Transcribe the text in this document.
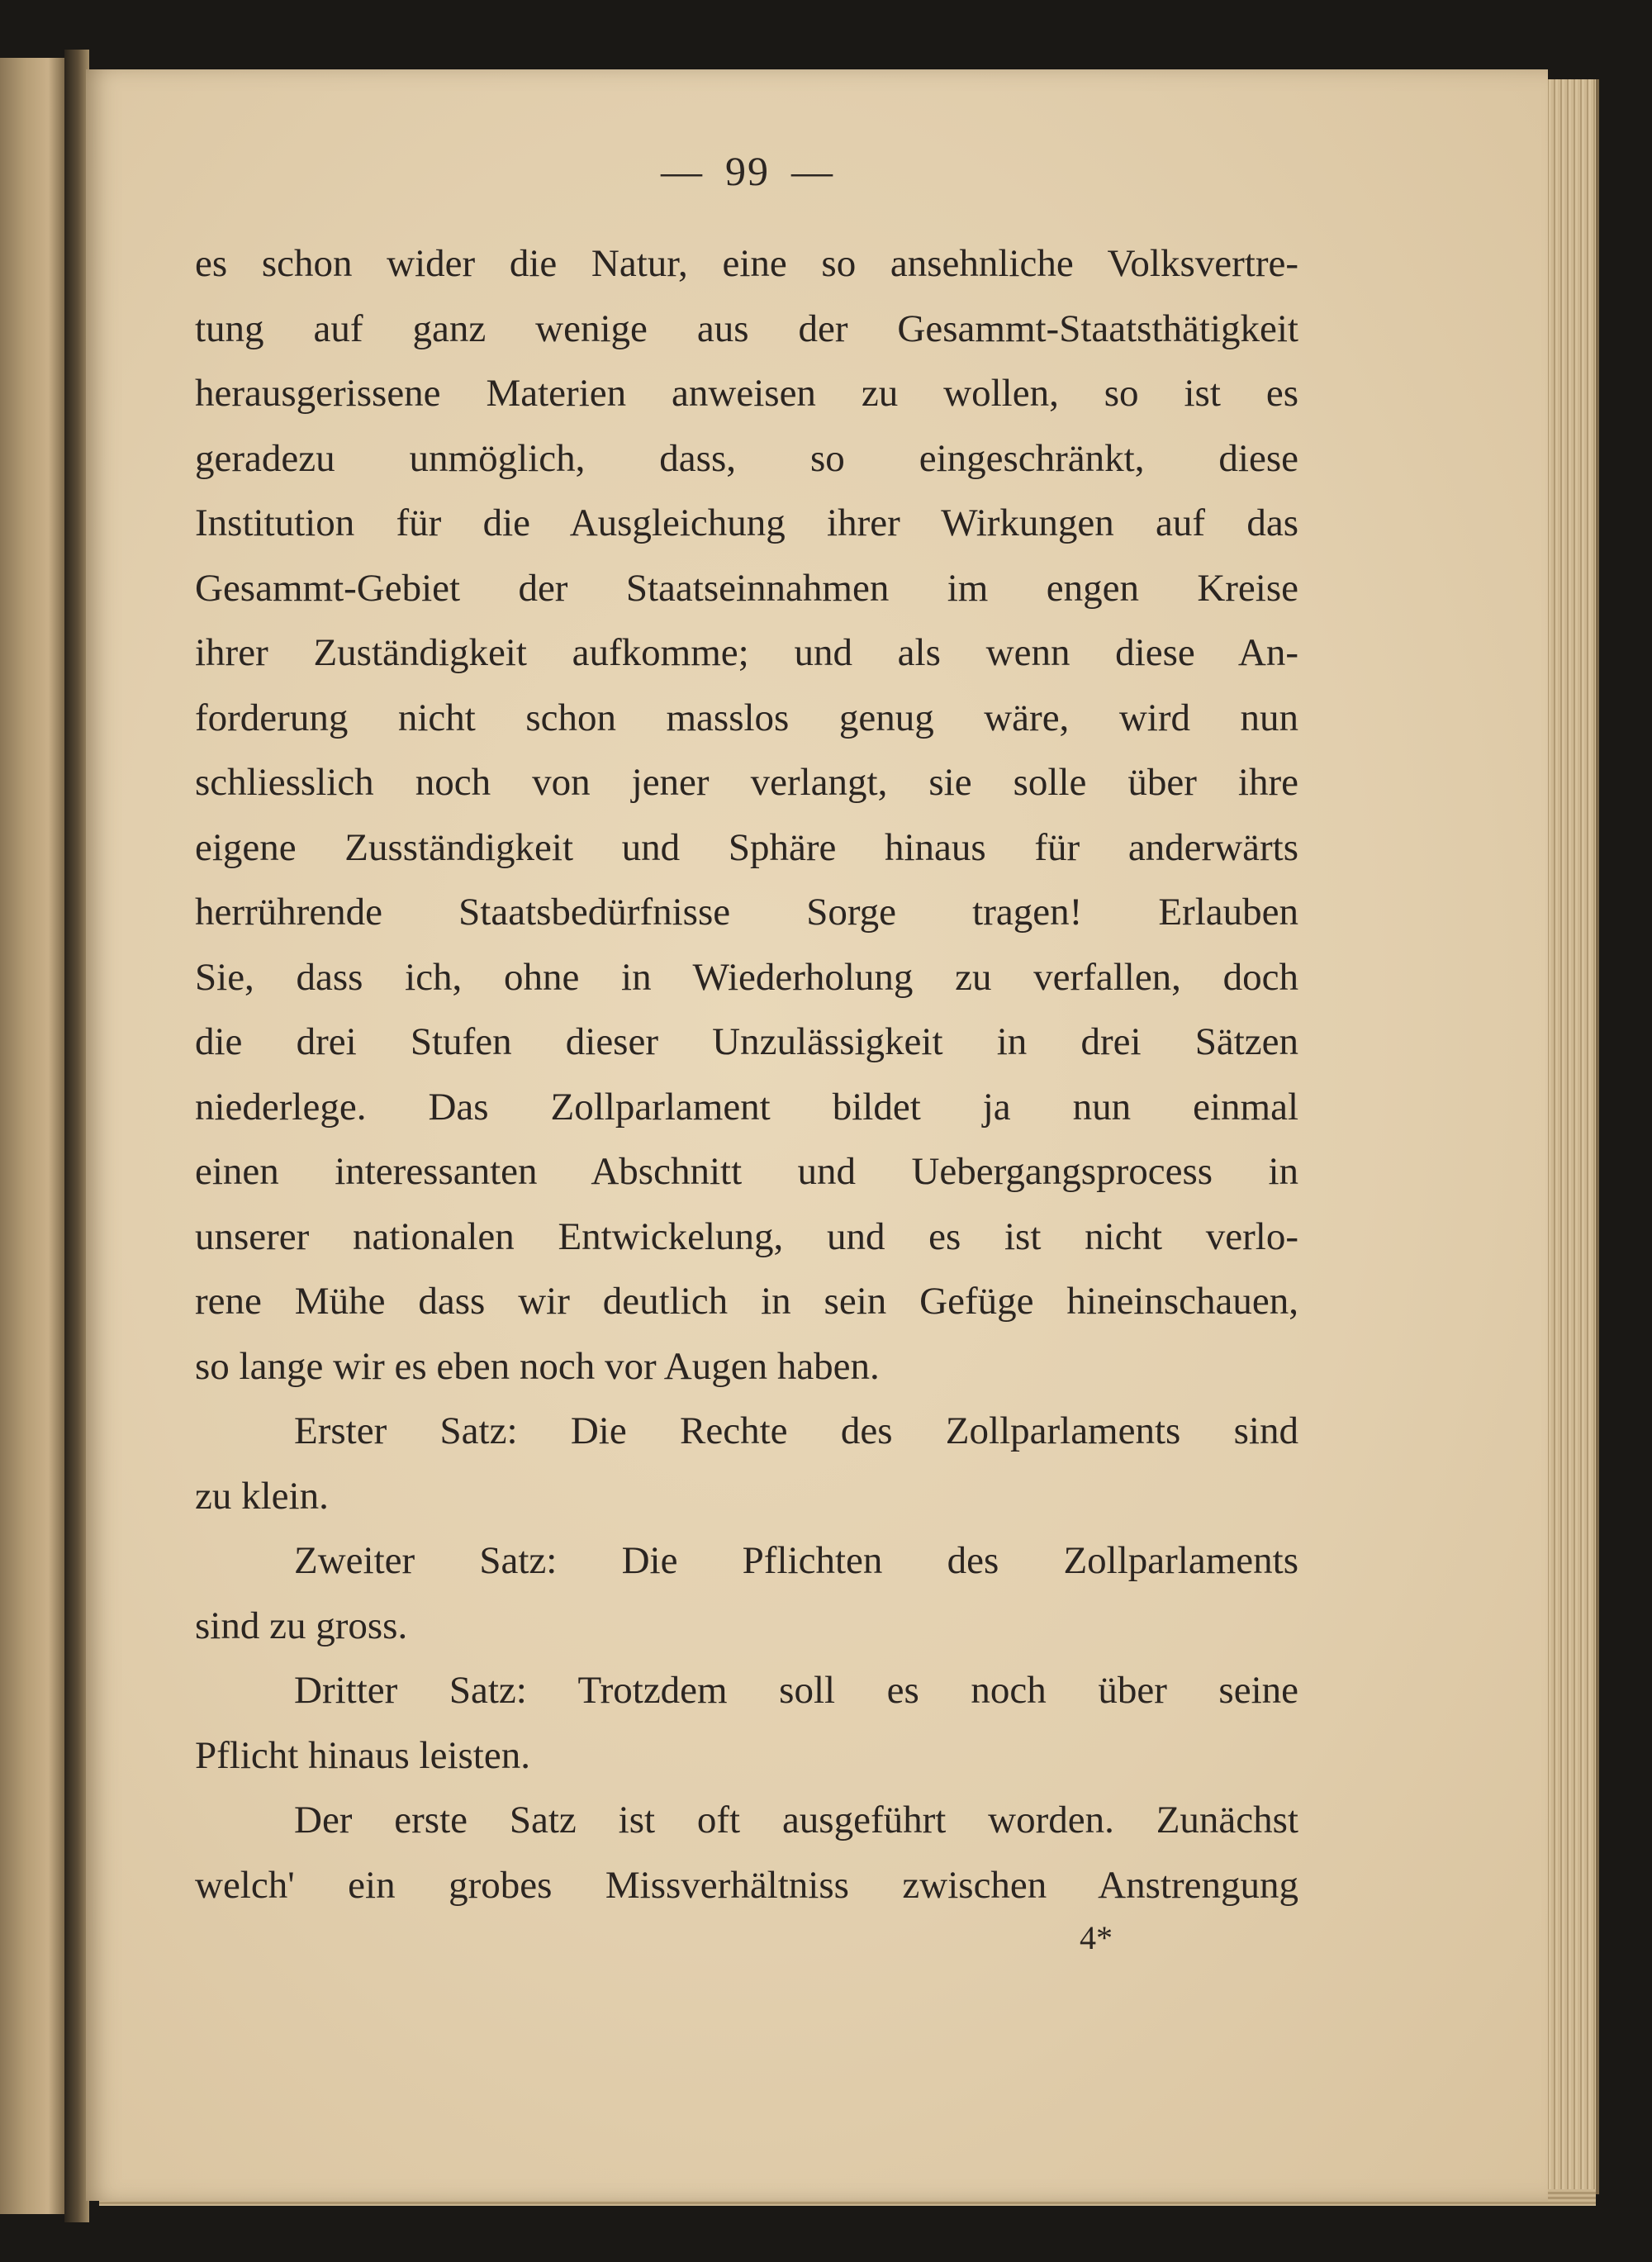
— 99 —
es schon wider die Natur, eine so ansehnliche Volksvertre-
tung auf ganz wenige aus der Gesammt-Staatsthätigkeit
herausgerissene Materien anweisen zu wollen, so ist es
geradezu unmöglich, dass, so eingeschränkt, diese
Institution für die Ausgleichung ihrer Wirkungen auf das
Gesammt-Gebiet der Staatseinnahmen im engen Kreise
ihrer Zuständigkeit aufkomme; und als wenn diese An-
forderung nicht schon masslos genug wäre, wird nun
schliesslich noch von jener verlangt, sie solle über ihre
eigene Zusständigkeit und Sphäre hinaus für anderwärts
herrührende Staatsbedürfnisse Sorge tragen! Erlauben
Sie, dass ich, ohne in Wiederholung zu verfallen, doch
die drei Stufen dieser Unzulässigkeit in drei Sätzen
niederlege. Das Zollparlament bildet ja nun einmal
einen interessanten Abschnitt und Uebergangsprocess in
unserer nationalen Entwickelung, und es ist nicht verlo-
rene Mühe dass wir deutlich in sein Gefüge hineinschauen,
so lange wir es eben noch vor Augen haben.
Erster Satz: Die Rechte des Zollparlaments sind
zu klein.
Zweiter Satz: Die Pflichten des Zollparlaments
sind zu gross.
Dritter Satz: Trotzdem soll es noch über seine
Pflicht hinaus leisten.
Der erste Satz ist oft ausgeführt worden. Zunächst
welch' ein grobes Missverhältniss zwischen Anstrengung
4*
